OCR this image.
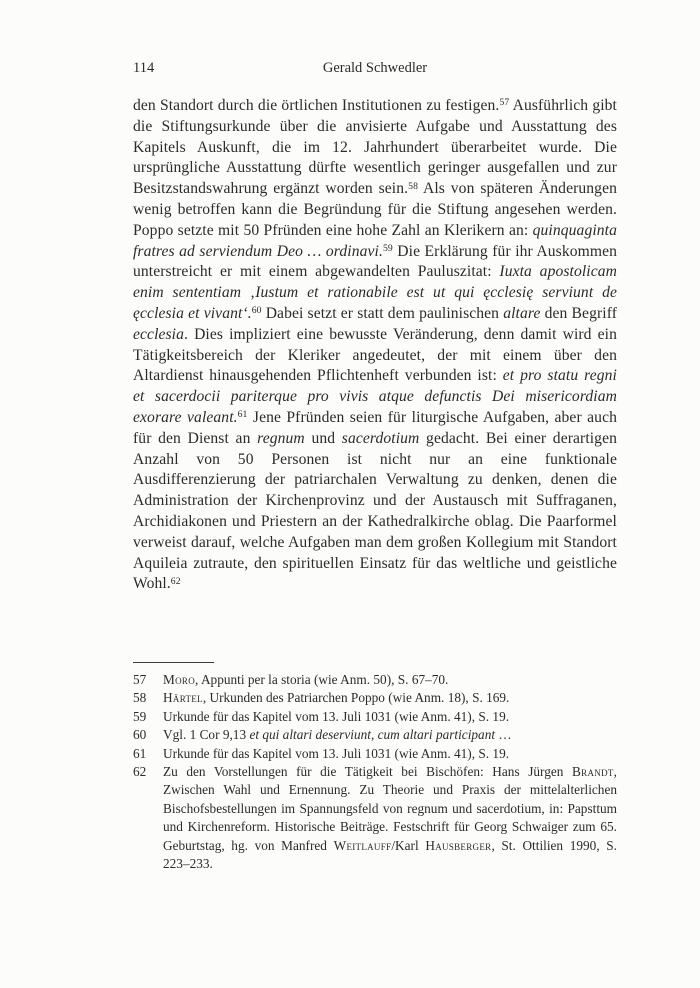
114	Gerald Schwedler

den Standort durch die örtlichen Institutionen zu festigen.$^{57}$ Ausführlich gibt die Stiftungsurkunde über die anvisierte Aufgabe und Ausstattung des Kapitels Auskunft, die im 12. Jahrhundert überarbeitet wurde. Die ursprüngliche Ausstattung dürfte wesentlich geringer ausgefallen und zur Besitzstandswahrung ergänzt worden sein.$^{58}$ Als von späteren Änderungen wenig betroffen kann die Begründung für die Stiftung angesehen werden. Poppo setzte mit 50 Pfründen eine hohe Zahl an Klerikern an: quinquaginta fratres ad serviendum Deo … ordinavi.$^{59}$ Die Erklärung für ihr Auskommen unterstreicht er mit einem abgewandelten Pauluszitat: Iuxta apostolicam enim sententiam ‚Iustum et rationabile est ut qui ęcclesię serviunt de ęcclesia et vivant‘.$^{60}$ Dabei setzt er statt dem paulinischen altare den Begriff ecclesia. Dies impliziert eine bewusste Veränderung, denn damit wird ein Tätigkeitsbereich der Kleriker angedeutet, der mit einem über den Altardienst hinausgehenden Pflichtenheft verbunden ist: et pro statu regni et sacerdocii pariterque pro vivis atque defunctis Dei misericordiam exorare valeant.$^{61}$ Jene Pfründen seien für liturgische Aufgaben, aber auch für den Dienst an regnum und sacerdotium gedacht. Bei einer derartigen Anzahl von 50 Personen ist nicht nur an eine funktionale Ausdifferenzierung der patriarchalen Verwaltung zu denken, denen die Administration der Kirchenprovinz und der Austausch mit Suffraganen, Archidiakonen und Priestern an der Kathedralkirche oblag. Die Paarformel verweist darauf, welche Aufgaben man dem großen Kollegium mit Standort Aquileia zutraute, den spirituellen Einsatz für das weltliche und geistliche Wohl.$^{62}$

57	Moro, Appunti per la storia (wie Anm. 50), S. 67–70.
58	Härtel, Urkunden des Patriarchen Poppo (wie Anm. 18), S. 169.
59	Urkunde für das Kapitel vom 13. Juli 1031 (wie Anm. 41), S. 19.
60	Vgl. 1 Cor 9,13 et qui altari deserviunt, cum altari participant …
61	Urkunde für das Kapitel vom 13. Juli 1031 (wie Anm. 41), S. 19.
62	Zu den Vorstellungen für die Tätigkeit bei Bischöfen: Hans Jürgen Brandt, Zwischen Wahl und Ernennung. Zu Theorie und Praxis der mittelalterlichen Bischofsbestellungen im Spannungsfeld von regnum und sacerdotium, in: Papsttum und Kirchenreform. Historische Beiträge. Festschrift für Georg Schwaiger zum 65. Geburtstag, hg. von Manfred Weitlauff/Karl Hausberger, St. Ottilien 1990, S. 223–233.
